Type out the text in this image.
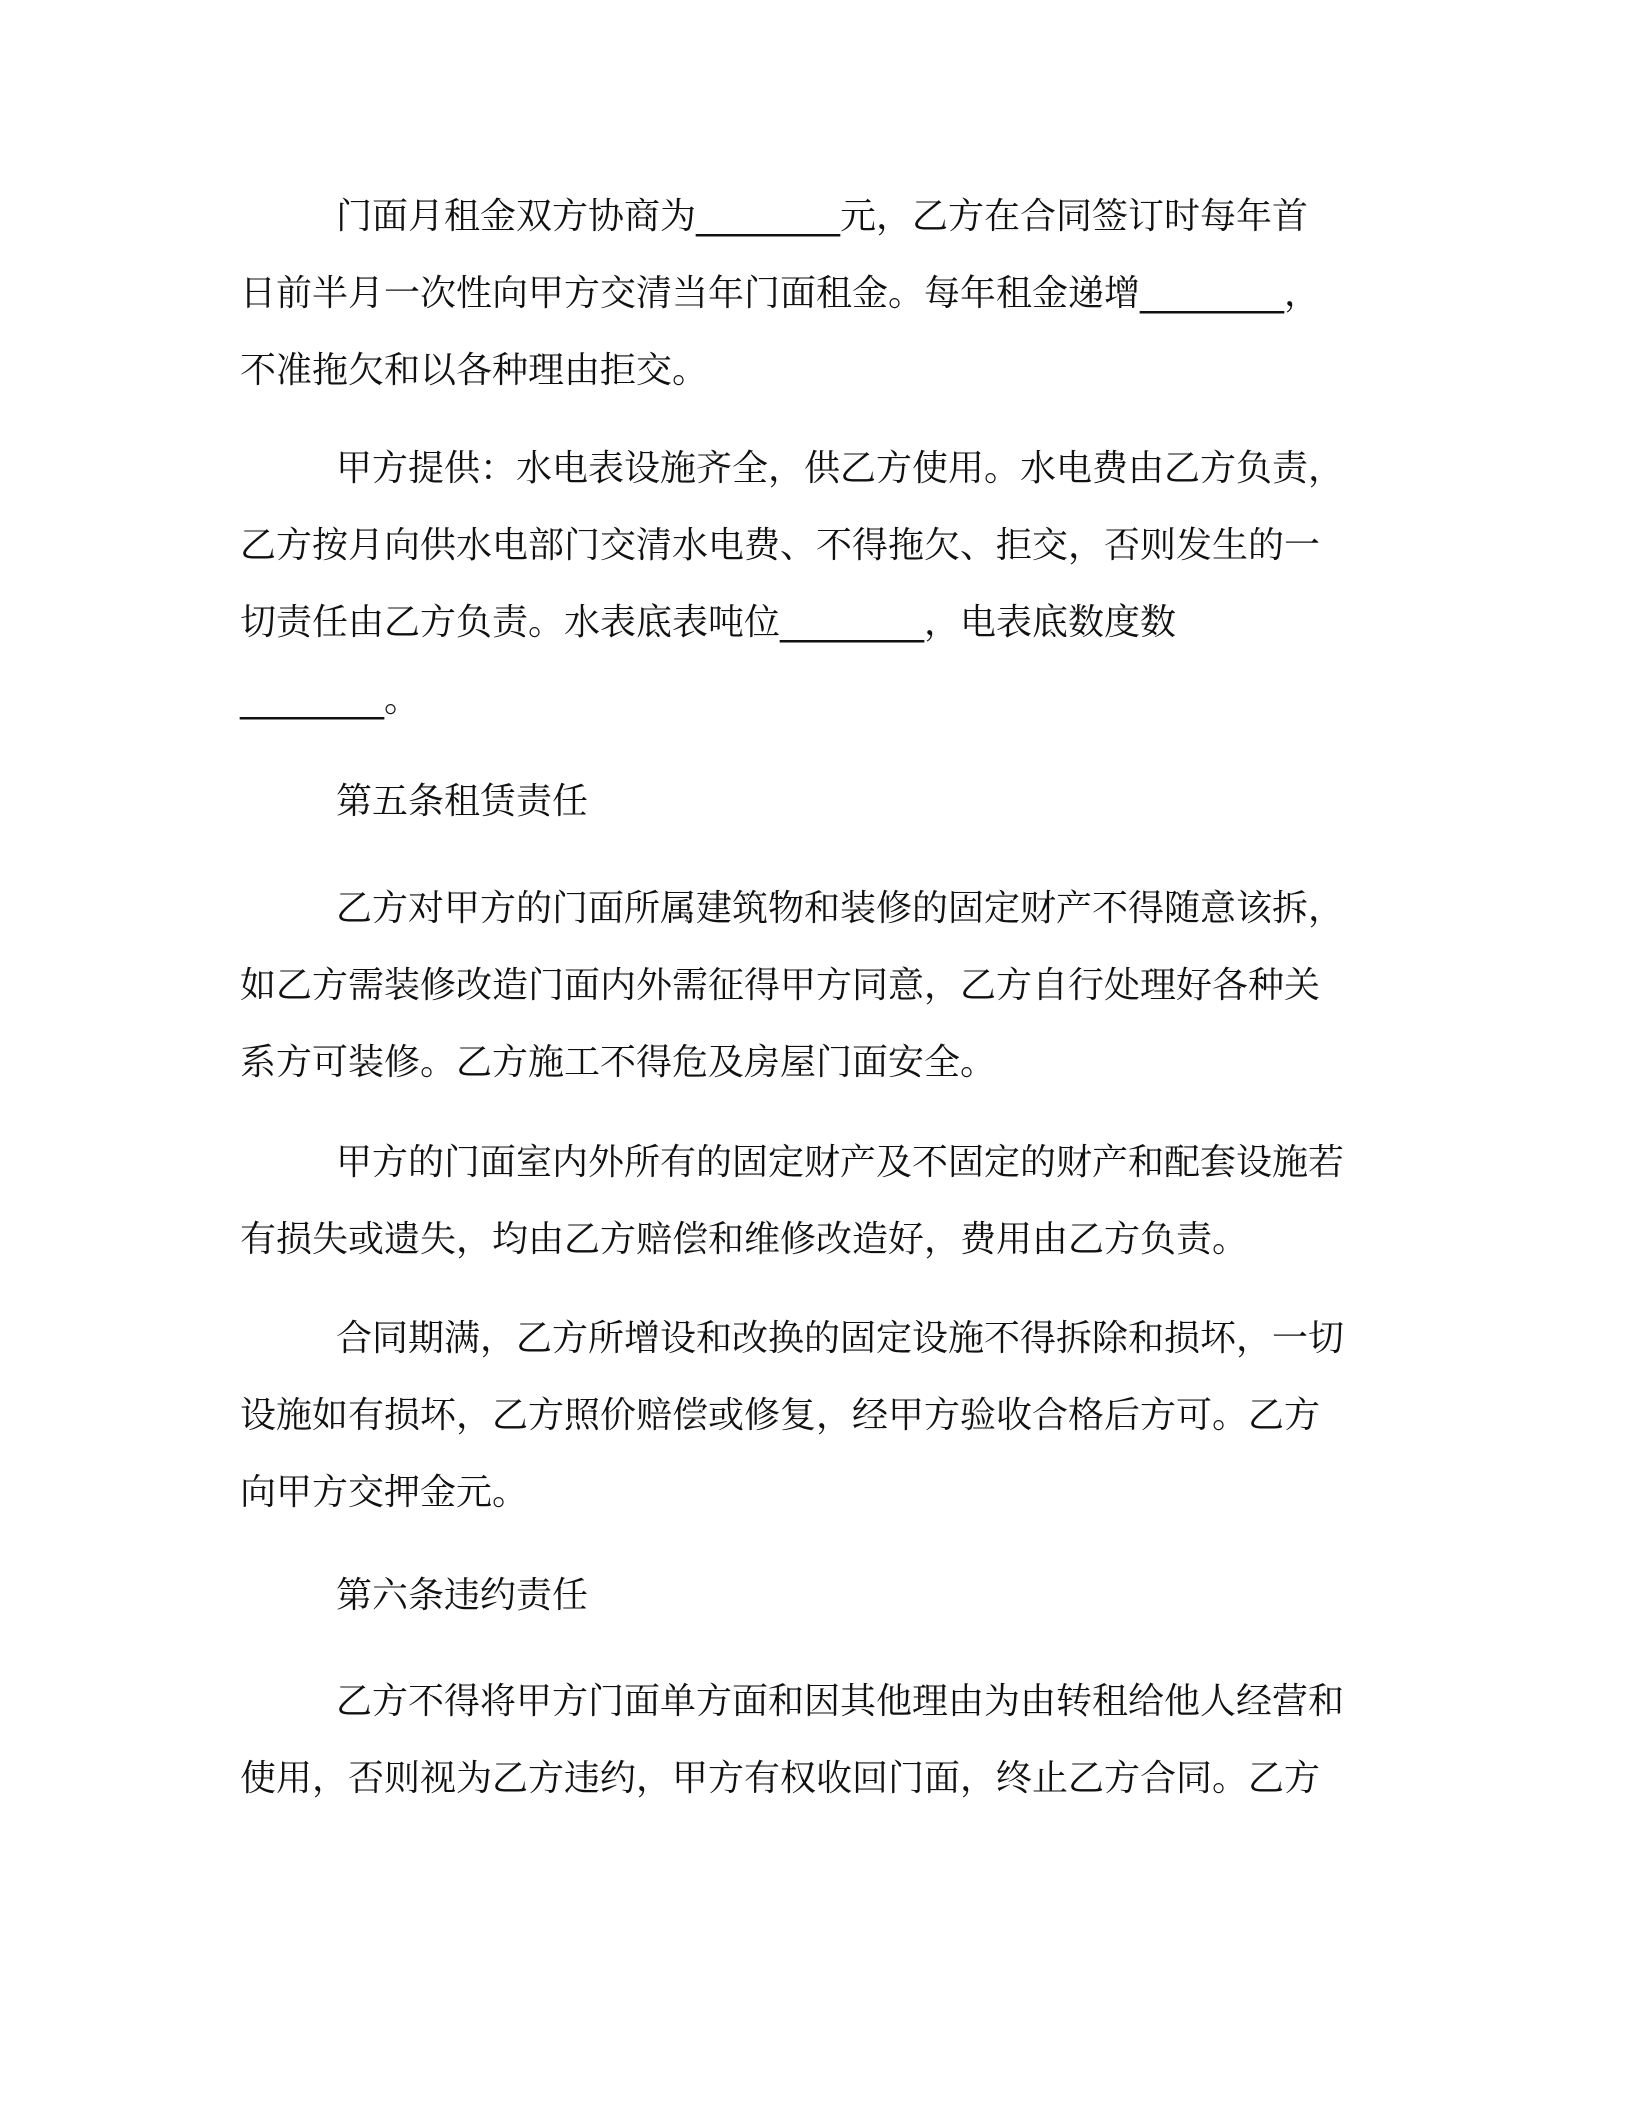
门面月租金双方协商为________元，乙方在合同签订时每年首
日前半月一次性向甲方交清当年门面租金。每年租金递增________，
不准拖欠和以各种理由拒交。
甲方提供：水电表设施齐全，供乙方使用。水电费由乙方负责，
乙方按月向供水电部门交清水电费、不得拖欠、拒交，否则发生的一
切责任由乙方负责。水表底表吨位________，电表底数度数
________。
第五条租赁责任
乙方对甲方的门面所属建筑物和装修的固定财产不得随意该拆，
如乙方需装修改造门面内外需征得甲方同意，乙方自行处理好各种关
系方可装修。乙方施工不得危及房屋门面安全。
甲方的门面室内外所有的固定财产及不固定的财产和配套设施若
有损失或遗失，均由乙方赔偿和维修改造好，费用由乙方负责。
合同期满，乙方所增设和改换的固定设施不得拆除和损坏，一切
设施如有损坏，乙方照价赔偿或修复，经甲方验收合格后方可。乙方
向甲方交押金元。
第六条违约责任
乙方不得将甲方门面单方面和因其他理由为由转租给他人经营和
使用，否则视为乙方违约，甲方有权收回门面，终止乙方合同。乙方
